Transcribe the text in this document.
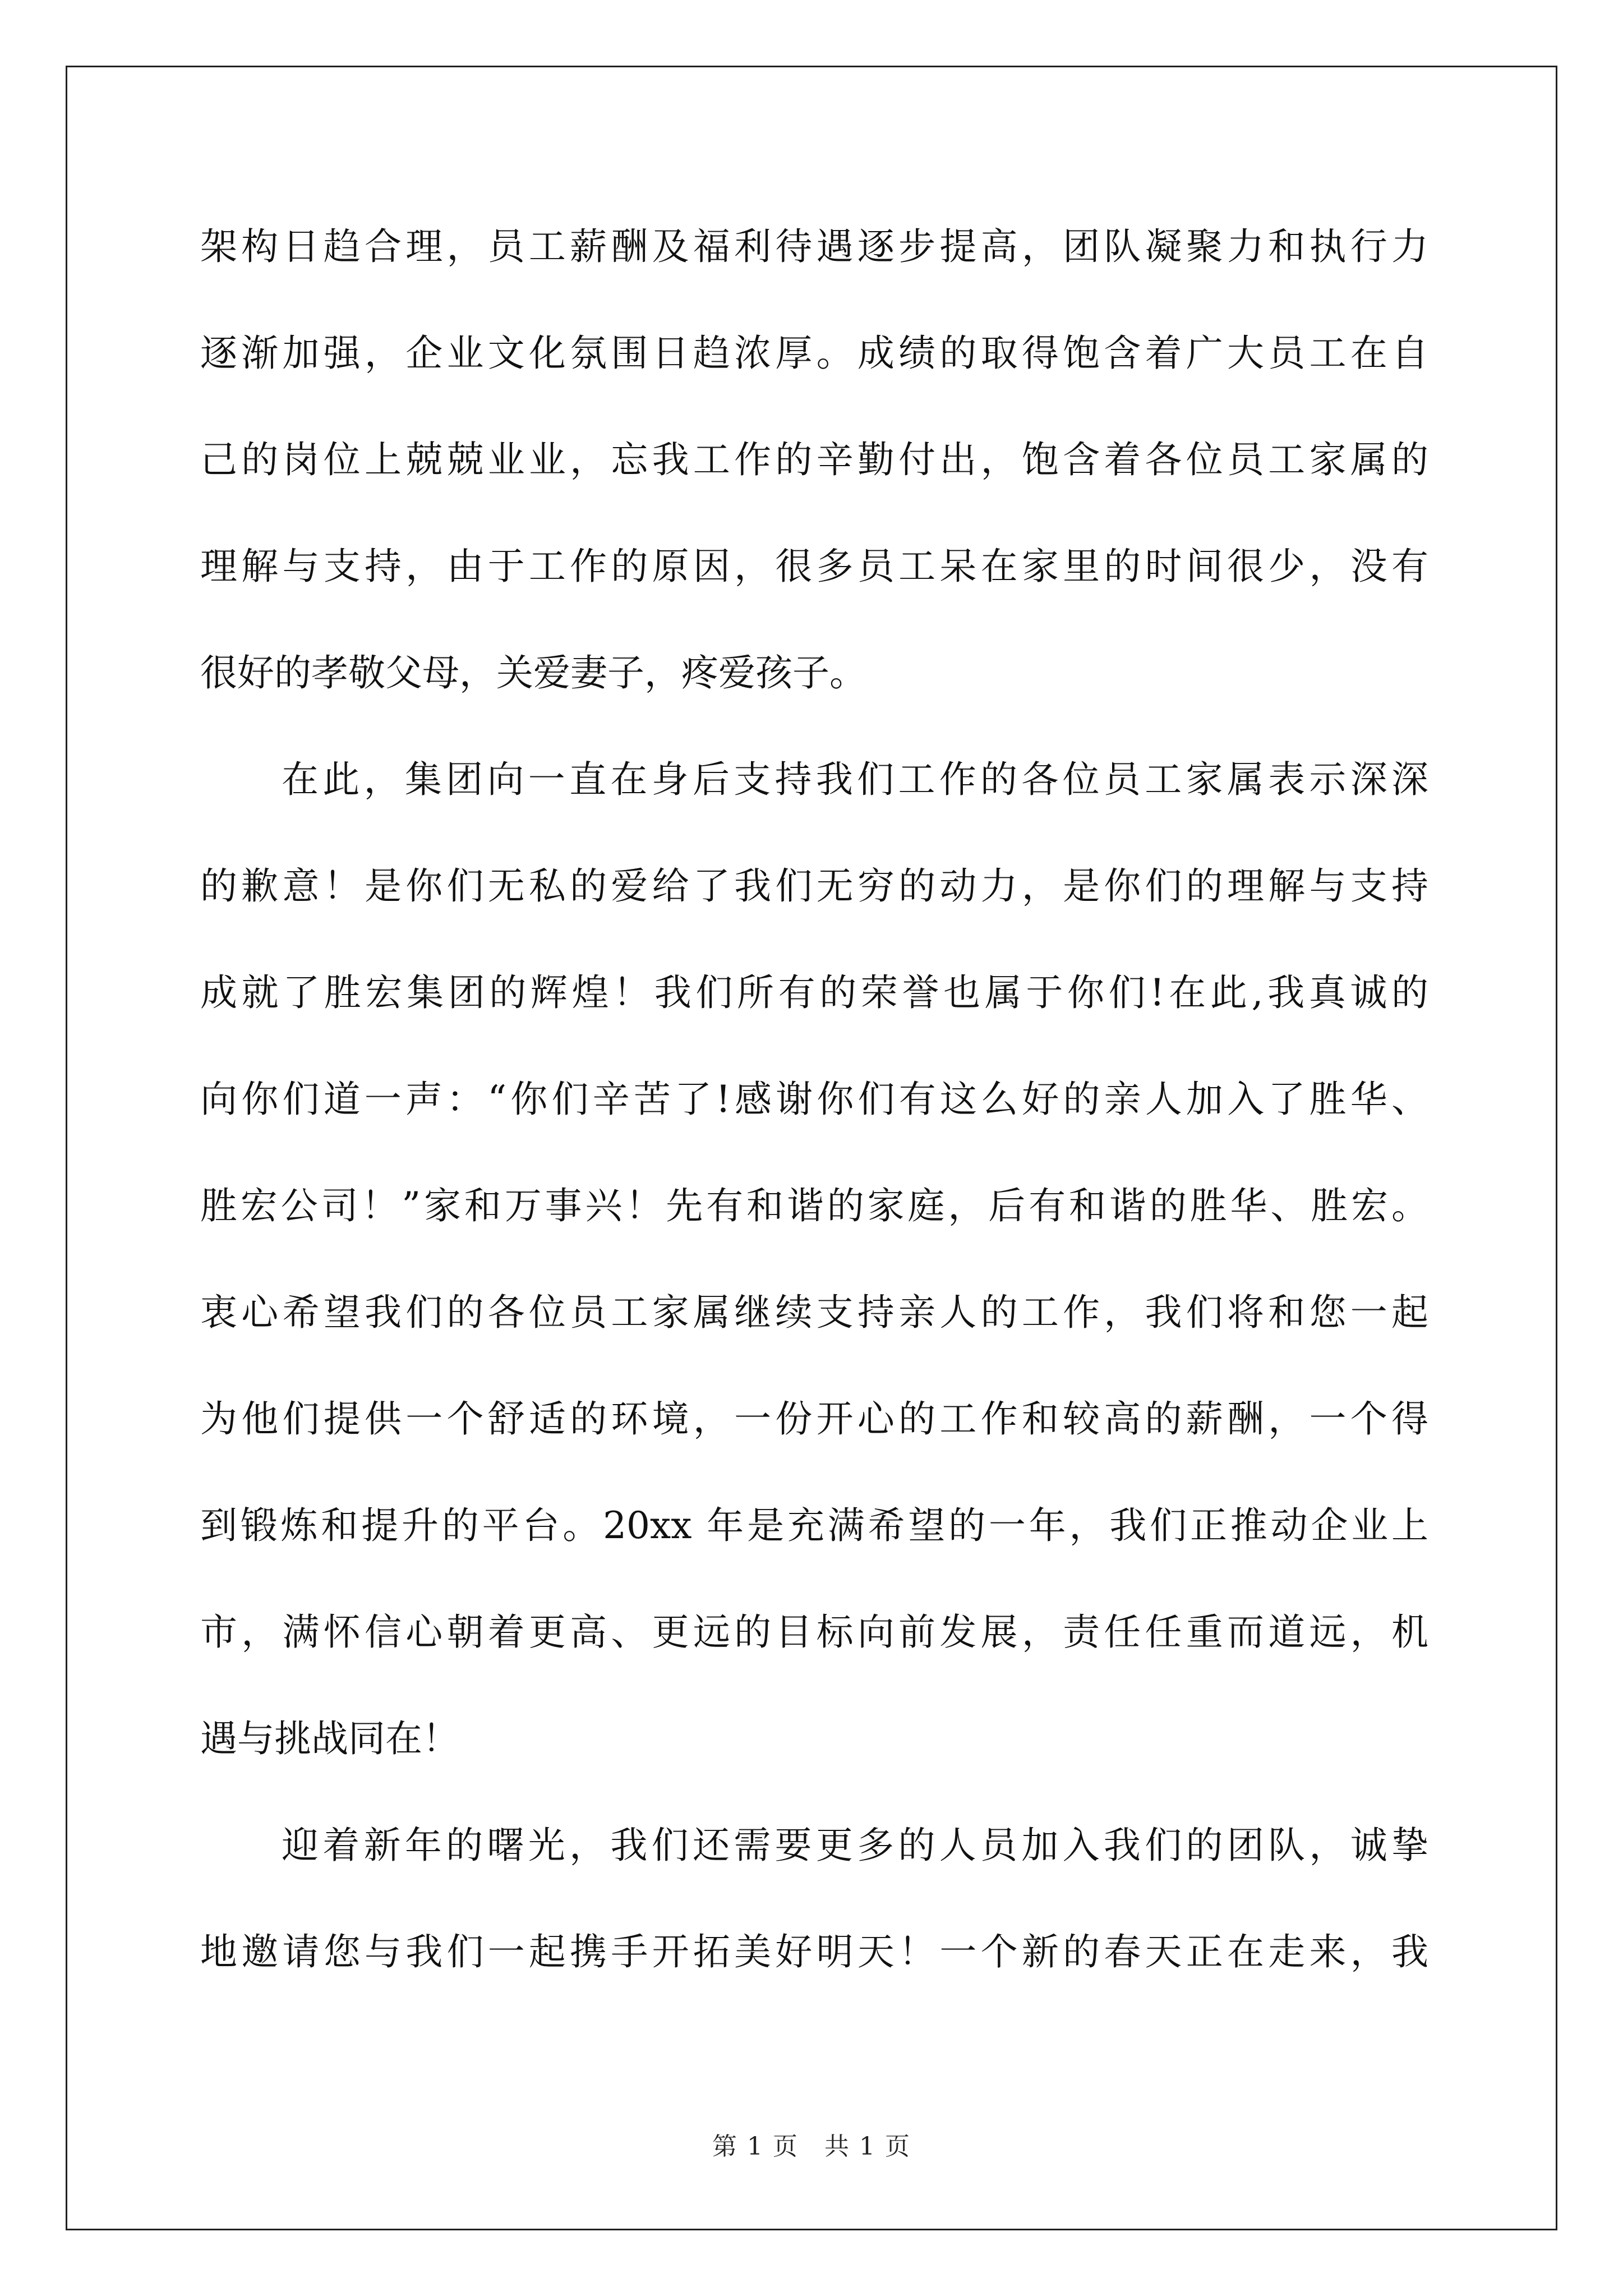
架构日趋合理，员工薪酬及福利待遇逐步提高，团队凝聚力和执行力
逐渐加强，企业文化氛围日趋浓厚。成绩的取得饱含着广大员工在自
己的岗位上兢兢业业，忘我工作的辛勤付出，饱含着各位员工家属的
理解与支持，由于工作的原因，很多员工呆在家里的时间很少，没有
很好的孝敬父母，关爱妻子，疼爱孩子。
在此，集团向一直在身后支持我们工作的各位员工家属表示深深
的歉意！是你们无私的爱给了我们无穷的动力，是你们的理解与支持
成就了胜宏集团的辉煌！我们所有的荣誉也属于你们!在此,我真诚的
向你们道一声：“你们辛苦了!感谢你们有这么好的亲人加入了胜华、
胜宏公司！”家和万事兴！先有和谐的家庭，后有和谐的胜华、胜宏。
衷心希望我们的各位员工家属继续支持亲人的工作，我们将和您一起
为他们提供一个舒适的环境，一份开心的工作和较高的薪酬，一个得
到锻炼和提升的平台。20xx 年是充满希望的一年，我们正推动企业上
市，满怀信心朝着更高、更远的目标向前发展，责任任重而道远，机
遇与挑战同在！
迎着新年的曙光，我们还需要更多的人员加入我们的团队，诚挚
地邀请您与我们一起携手开拓美好明天！一个新的春天正在走来，我
第 1 页　共 1 页
